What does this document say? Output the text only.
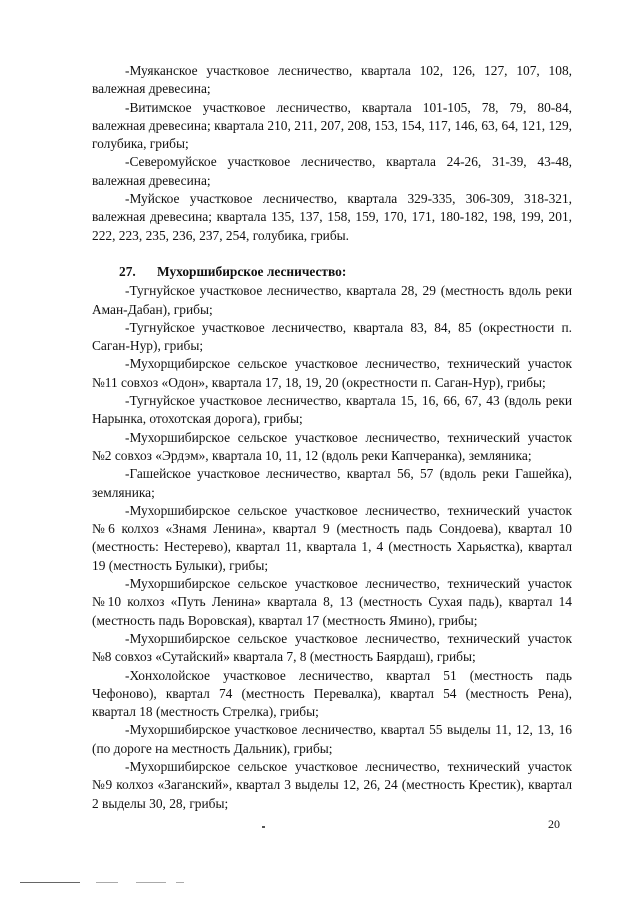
-Муяканское участковое лесничество, квартала 102, 126, 127, 107, 108, валежная древесина;

-Витимское участковое лесничество, квартала 101-105, 78, 79, 80-84, валежная древесина; квартала 210, 211, 207, 208, 153, 154, 117, 146, 63, 64, 121, 129, голубика, грибы;

-Северомуйское участковое лесничество, квартала 24-26, 31-39, 43-48, валежная древесина;

-Муйское участковое лесничество, квартала 329-335, 306-309, 318-321, валежная древесина; квартала 135, 137, 158, 159, 170, 171, 180-182, 198, 199, 201, 222, 223, 235, 236, 237, 254, голубика, грибы.

27. Мухоршибирское лесничество:

-Тугнуйское участковое лесничество, квартала 28, 29 (местность вдоль реки Аман-Дабан), грибы;

-Тугнуйское участковое лесничество, квартала 83, 84, 85 (окрестности п. Саган-Нур), грибы;

-Мухорщибирское сельское участковое лесничество, технический участок №11 совхоз «Одон», квартала 17, 18, 19, 20 (окрестности п. Саган-Нур), грибы;

-Тугнуйское участковое лесничество, квартала 15, 16, 66, 67, 43 (вдоль реки Нарынка, отохотская дорога), грибы;

-Мухоршибирское сельское участковое лесничество, технический участок №2 совхоз «Эрдэм», квартала 10, 11, 12 (вдоль реки Капчеранка), земляника;

-Гашейское участковое лесничество, квартал 56, 57 (вдоль реки Гашейка), земляника;

-Мухоршибирское сельское участковое лесничество, технический участок №6 колхоз «Знамя Ленина», квартал 9 (местность падь Сондоева), квартал 10 (местность: Нестерево), квартал 11, квартала 1, 4 (местность Харьястка), квартал 19 (местность Булыки), грибы;

-Мухоршибирское сельское участковое лесничество, технический участок №10 колхоз «Путь Ленина» квартала 8, 13 (местность Сухая падь), квартал 14 (местность падь Воровская), квартал 17 (местность Ямино), грибы;

-Мухоршибирское сельское участковое лесничество, технический участок №8 совхоз «Сутайский» квартала 7, 8 (местность Баярдаш), грибы;

-Хонхолойское участковое лесничество, квартал 51 (местность падь Чефоново), квартал 74 (местность Перевалка), квартал 54 (местность Рена), квартал 18 (местность Стрелка), грибы;

-Мухоршибирское участковое лесничество, квартал 55 выделы 11, 12, 13, 16 (по дороге на местность Дальник), грибы;

-Мухоршибирское сельское участковое лесничество, технический участок №9 колхоз «Заганский», квартал 3 выделы 12, 26, 24 (местность Крестик), квартал 2 выделы 30, 28, грибы;

20
